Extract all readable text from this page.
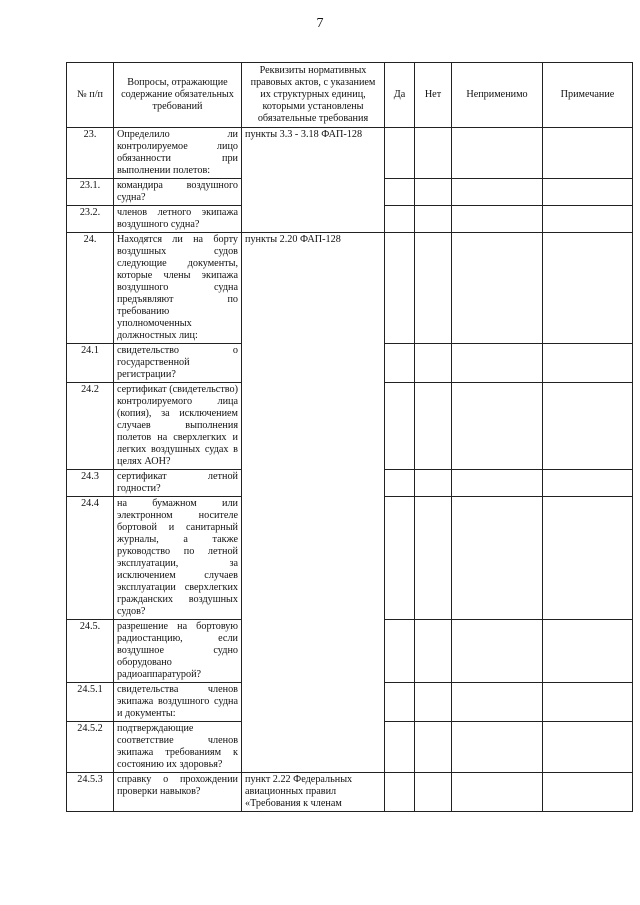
7
№ п/п	Вопросы, отражающие содержание обязательных требований	Реквизиты нормативных правовых актов, с указанием их структурных единиц, которыми установлены обязательные требования	Да	Нет	Неприменимо	Примечание
23.	Определило ли контролируемое лицо обязанности при выполнении полетов:	пункты 3.3 - 3.18 ФАП-128				
23.1.	командира воздушного судна?					
23.2.	членов летного экипажа воздушного судна?					
24.	Находятся ли на борту воздушных судов следующие документы, которые члены экипажа воздушного судна предъявляют по требованию уполномоченных должностных лиц:	пункты 2.20 ФАП-128				
24.1	свидетельство о государственной регистрации?					
24.2	сертификат (свидетельство) контролируемого лица (копия), за исключением случаев выполнения полетов на сверхлегких и легких воздушных судах в целях АОН?					
24.3	сертификат летной годности?					
24.4	на бумажном или электронном носителе бортовой и санитарный журналы, а также руководство по летной эксплуатации, за исключением случаев эксплуатации сверхлегких гражданских воздушных судов?					
24.5.	разрешение на бортовую радиостанцию, если воздушное судно оборудовано радиоаппаратурой?					
24.5.1	свидетельства членов экипажа воздушного судна и документы:					
24.5.2	подтверждающие соответствие членов экипажа требованиям к состоянию их здоровья?					
24.5.3	справку о прохождении проверки навыков?	пункт 2.22 Федеральных авиационных правил «Требования к членам				
